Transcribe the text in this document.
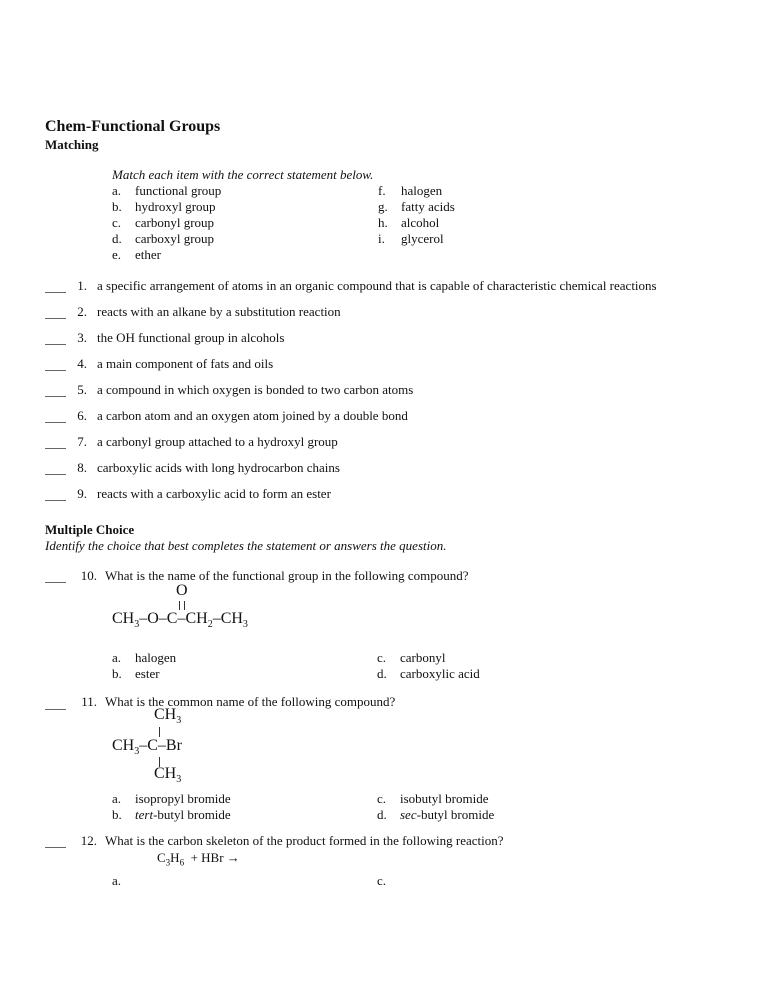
Chem-Functional Groups
Matching
Match each item with the correct statement below.
a. functional group
b. hydroxyl group
c. carbonyl group
d. carboxyl group
e. ether
f. halogen
g. fatty acids
h. alcohol
i. glycerol
1. a specific arrangement of atoms in an organic compound that is capable of characteristic chemical reactions
2. reacts with an alkane by a substitution reaction
3. the OH functional group in alcohols
4. a main component of fats and oils
5. a compound in which oxygen is bonded to two carbon atoms
6. a carbon atom and an oxygen atom joined by a double bond
7. a carbonyl group attached to a hydroxyl group
8. carboxylic acids with long hydrocarbon chains
9. reacts with a carboxylic acid to form an ester
Multiple Choice
Identify the choice that best completes the statement or answers the question.
10. What is the name of the functional group in the following compound?
O
$CH_3-O-C-CH_2-CH_3$
a. halogen
b. ester
c. carbonyl
d. carboxylic acid
11. What is the common name of the following compound?
$CH_3$
$CH_3-C-Br$
$CH_3$
a. isopropyl bromide
b. tert-butyl bromide
c. isobutyl bromide
d. sec-butyl bromide
12. What is the carbon skeleton of the product formed in the following reaction?
$C_3H_6$ + HBr →
a.	c.
